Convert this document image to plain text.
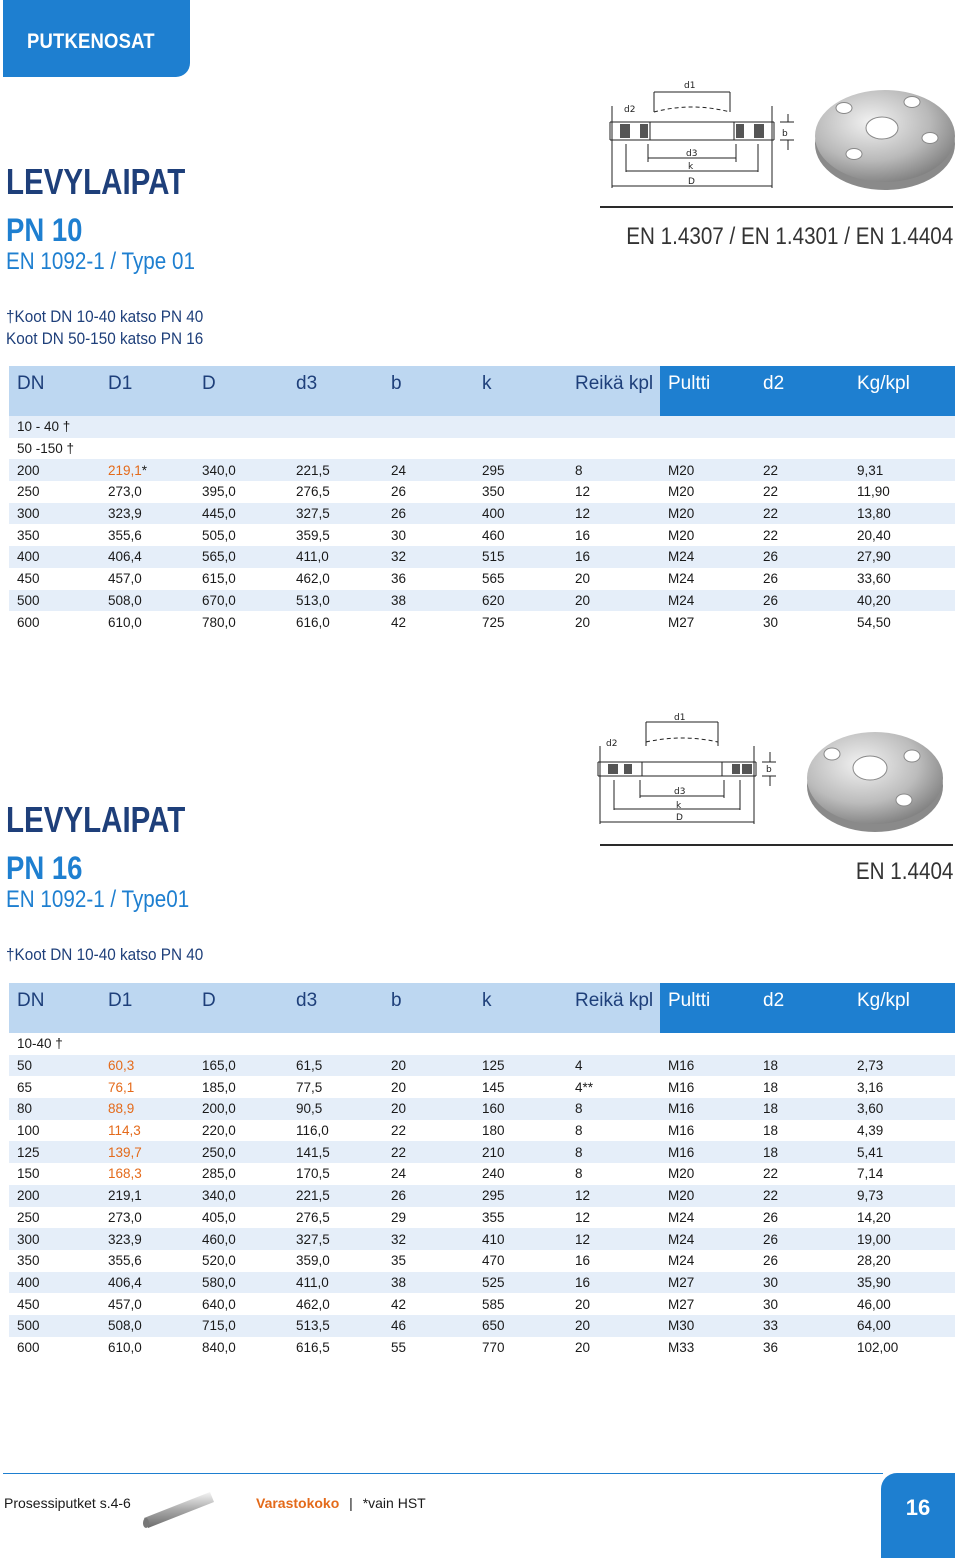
PUTKENOSAT
d1
d2
d3
k
D
b
LEVYLAIPAT
PN 10
EN 1092-1 / Type 01
EN 1.4307 / EN 1.4301 / EN 1.4404
†Koot DN 10-40 katso PN 40
Koot DN 50-150 katso PN 16
DN	D1	D	d3	b	k	Reikä kpl	Pultti	d2	Kg/kpl
10 - 40 †									
50 -150 †									
200	219,1*	340,0	221,5	24	295	8	M20	22	9,31
250	273,0	395,0	276,5	26	350	12	M20	22	11,90
300	323,9	445,0	327,5	26	400	12	M20	22	13,80
350	355,6	505,0	359,5	30	460	16	M20	22	20,40
400	406,4	565,0	411,0	32	515	16	M24	26	27,90
450	457,0	615,0	462,0	36	565	20	M24	26	33,60
500	508,0	670,0	513,0	38	620	20	M24	26	40,20
600	610,0	780,0	616,0	42	725	20	M27	30	54,50
d1
d2
d3
k
D
b
LEVYLAIPAT
PN 16
EN 1092-1 / Type01
EN 1.4404
†Koot DN 10-40 katso PN 40
DN	D1	D	d3	b	k	Reikä kpl	Pultti	d2	Kg/kpl
10-40 †									
50	60,3	165,0	61,5	20	125	4	M16	18	2,73
65	76,1	185,0	77,5	20	145	4**	M16	18	3,16
80	88,9	200,0	90,5	20	160	8	M16	18	3,60
100	114,3	220,0	116,0	22	180	8	M16	18	4,39
125	139,7	250,0	141,5	22	210	8	M16	18	5,41
150	168,3	285,0	170,5	24	240	8	M20	22	7,14
200	219,1	340,0	221,5	26	295	12	M20	22	9,73
250	273,0	405,0	276,5	29	355	12	M24	26	14,20
300	323,9	460,0	327,5	32	410	12	M24	26	19,00
350	355,6	520,0	359,0	35	470	16	M24	26	28,20
400	406,4	580,0	411,0	38	525	16	M27	30	35,90
450	457,0	640,0	462,0	42	585	20	M27	30	46,00
500	508,0	715,0	513,5	46	650	20	M30	33	64,00
600	610,0	840,0	616,5	55	770	20	M33	36	102,00
Prosessiputket s.4-6	Varastokoko | *vain HST	16
